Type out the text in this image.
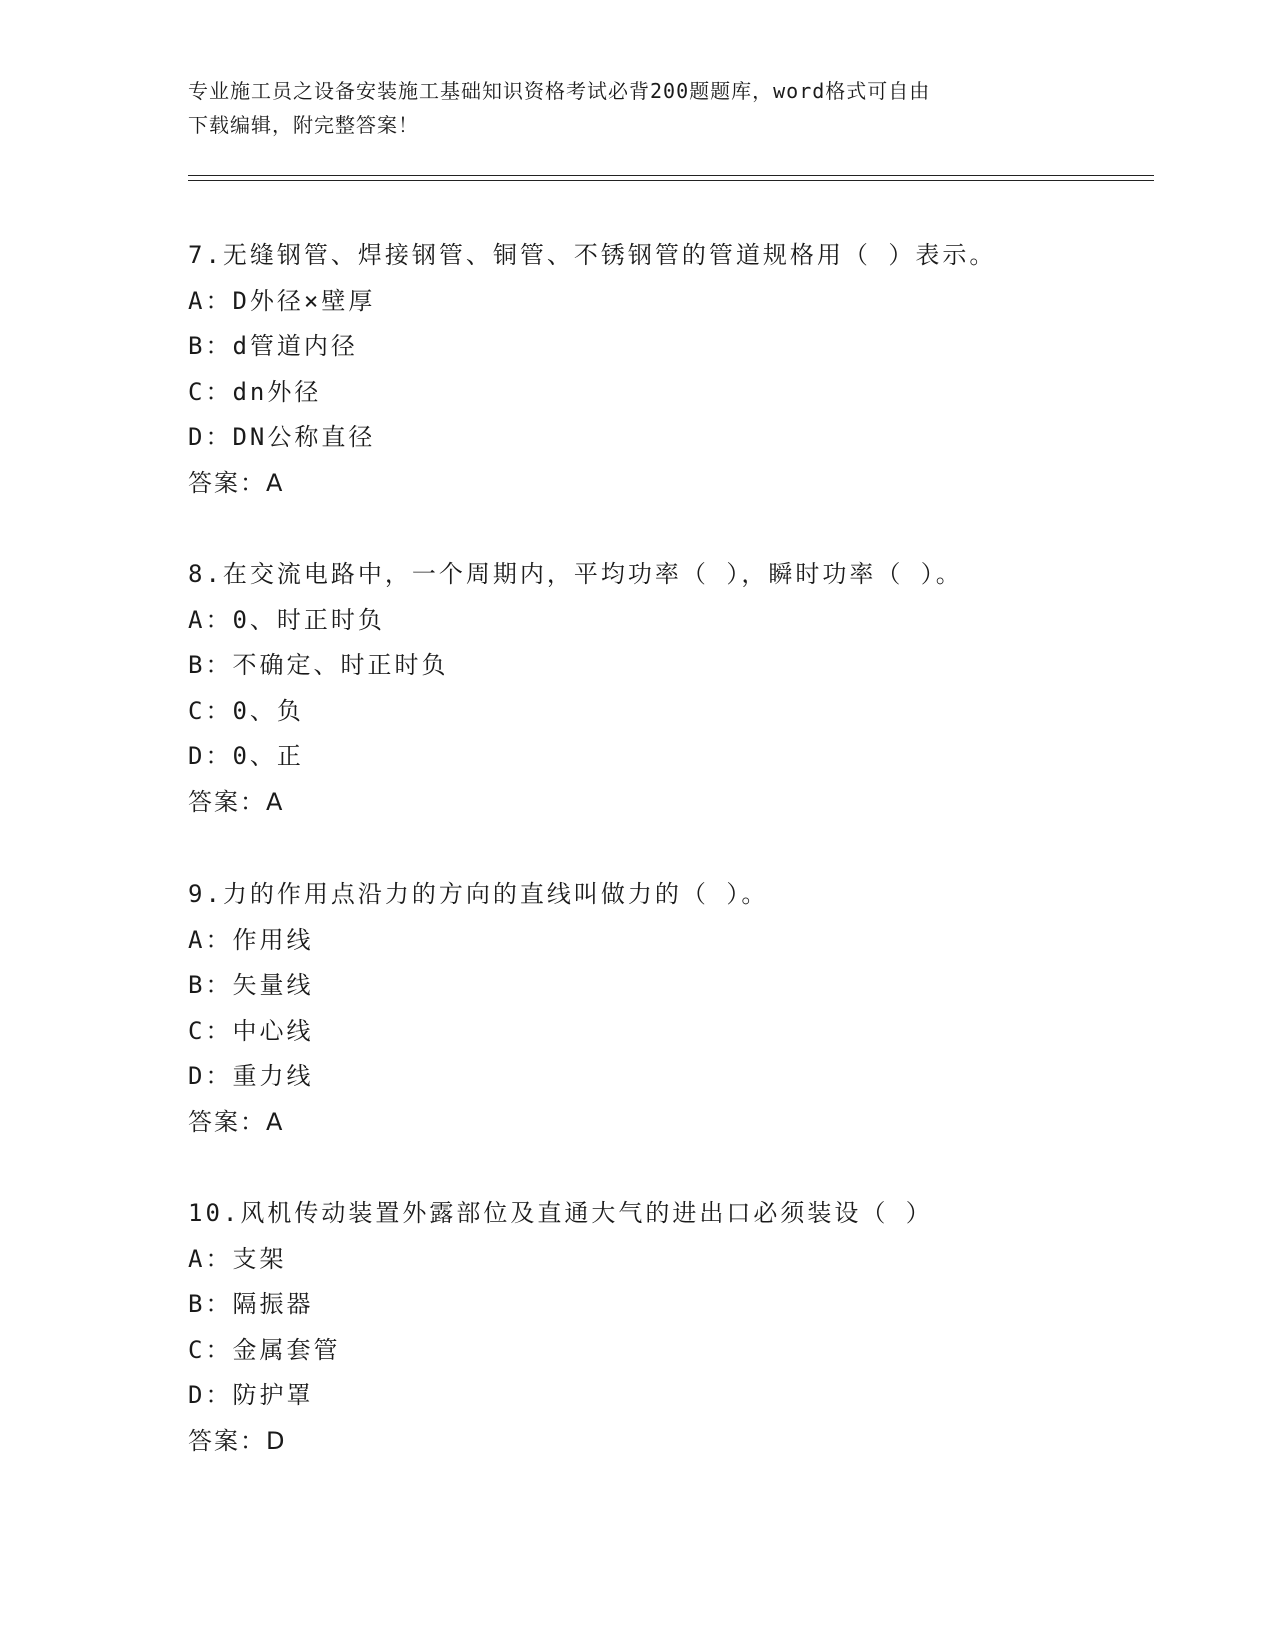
专业施工员之设备安装施工基础知识资格考试必背200题题库，word格式可自由
下载编辑，附完整答案！
7.无缝钢管、焊接钢管、铜管、不锈钢管的管道规格用（ ）表示。
A：D外径×壁厚
B：d管道内径
C：dn外径
D：DN公称直径
答案：A
8.在交流电路中，一个周期内，平均功率（ ），瞬时功率（ ）。
A：0、时正时负
B：不确定、时正时负
C：0、负
D：0、正
答案：A
9.力的作用点沿力的方向的直线叫做力的（ ）。
A：作用线
B：矢量线
C：中心线
D：重力线
答案：A
10.风机传动装置外露部位及直通大气的进出口必须装设（ ）
A：支架
B：隔振器
C：金属套管
D：防护罩
答案：D
